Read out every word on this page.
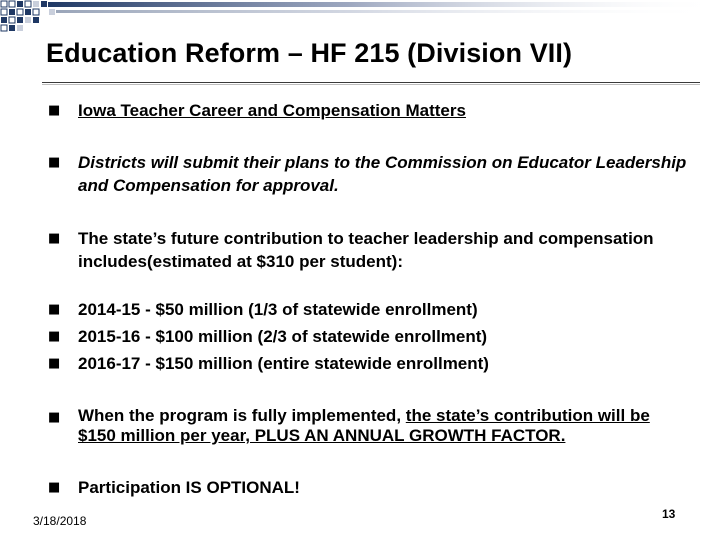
Education Reform – HF 215 (Division VII)
■	Iowa Teacher Career and Compensation Matters
■	Districts will submit their plans to the Commission on Educator Leadership and Compensation for approval.
■	The state’s future contribution to teacher leadership and compensation includes(estimated at $310 per student):
■	2014-15 - $50 million (1/3 of statewide enrollment)
■	2015-16 - $100 million (2/3 of statewide enrollment)
■	2016-17 - $150 million (entire statewide enrollment)
■	When the program is fully implemented, the state’s contribution will be $150 million per year, PLUS AN ANNUAL GROWTH FACTOR.
■	Participation IS OPTIONAL!
3/18/2018	13
